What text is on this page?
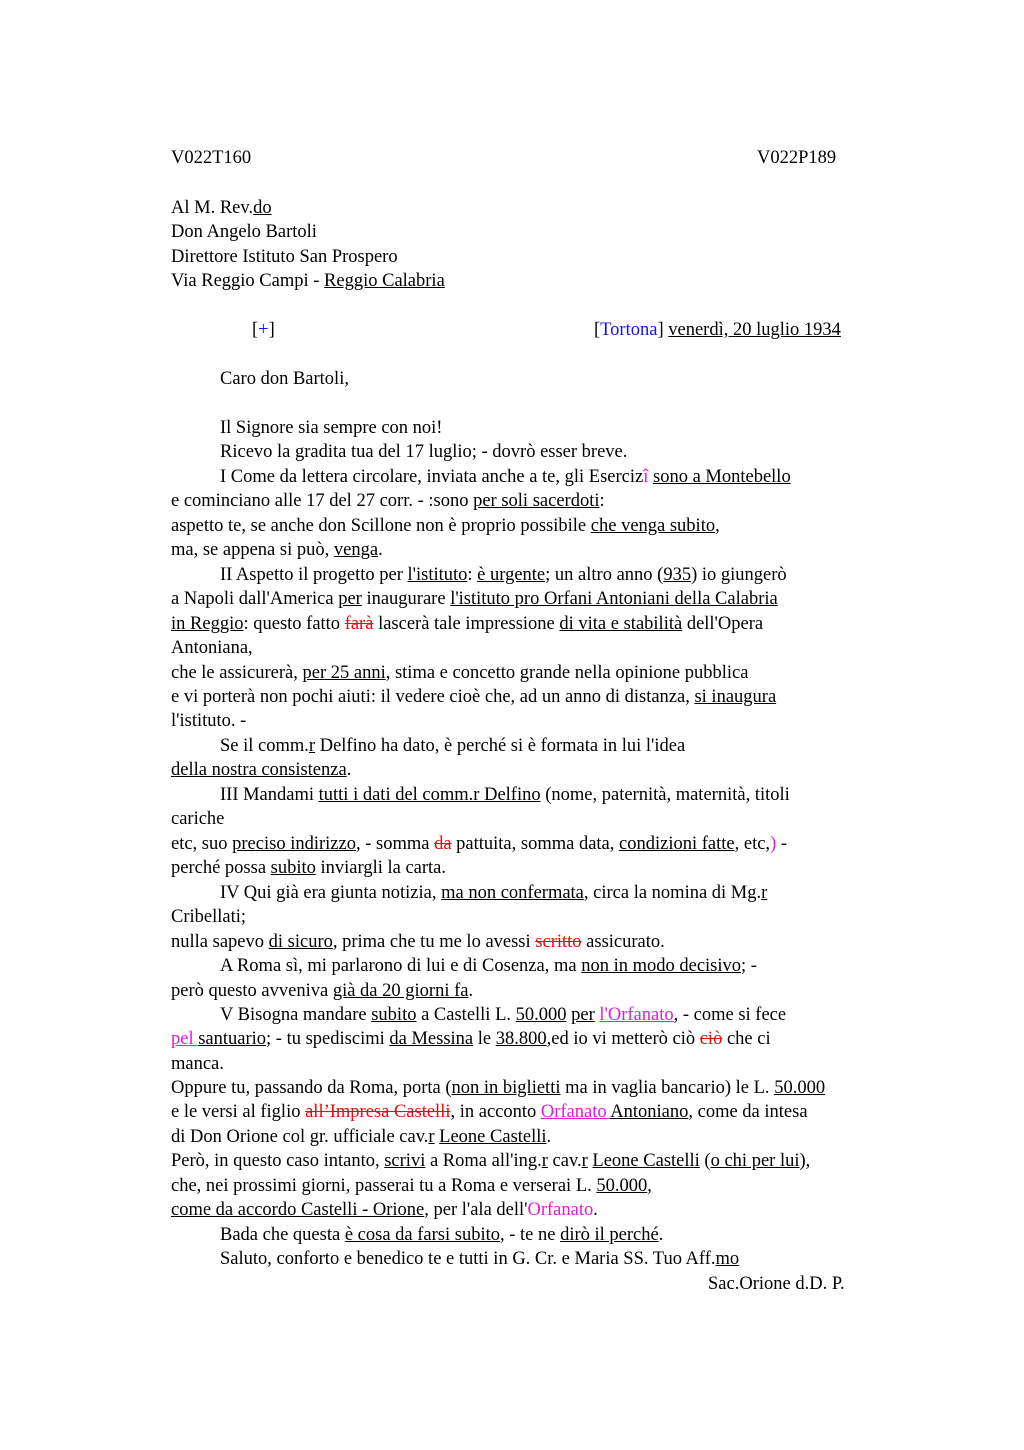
V022T160	V022P189
Al M. Rev.do
Don Angelo Bartoli
Direttore Istituto San Prospero
Via Reggio Campi - Reggio Calabria
[+]	[Tortona] venerdì, 20 luglio 1934
Caro don Bartoli,
Il Signore sia sempre con noi!
Ricevo la gradita tua del 17 luglio; - dovrò esser breve.
I Come da lettera circolare, inviata anche a te, gli Esercizî sono a Montebello
e cominciano alle 17 del 27 corr. - :sono per soli sacerdoti:
aspetto te, se anche don Scillone non è proprio possibile che venga subito,
ma, se appena si può, venga.
II Aspetto il progetto per l'istituto: è urgente; un altro anno (935) io giungerò
a Napoli dall'America per inaugurare l'istituto pro Orfani Antoniani della Calabria
in Reggio: questo fatto farà lascerà tale impressione di vita e stabilità dell'Opera
Antoniana,
che le assicurerà, per 25 anni, stima e concetto grande nella opinione pubblica
e vi porterà non pochi aiuti: il vedere cioè che, ad un anno di distanza, si inaugura
l'istituto. -
Se il comm.r Delfino ha dato, è perché si è formata in lui l'idea
della nostra consistenza.
III Mandami tutti i dati del comm.r Delfino (nome, paternità, maternità, titoli
cariche
etc, suo preciso indirizzo, - somma da pattuita, somma data, condizioni fatte, etc,) -
perché possa subito inviargli la carta.
IV Qui già era giunta notizia, ma non confermata, circa la nomina di Mg.r
Cribellati;
nulla sapevo di sicuro, prima che tu me lo avessi scritto assicurato.
A Roma sì, mi parlarono di lui e di Cosenza, ma non in modo decisivo; -
però questo avveniva già da 20 giorni fa.
V Bisogna mandare subito a Castelli L. 50.000 per l'Orfanato, - come si fece
pel santuario; - tu spediscimi da Messina le 38.800,ed io vi metterò ciò ciò che ci
manca.
Oppure tu, passando da Roma, porta (non in biglietti ma in vaglia bancario) le L. 50.000
e le versi al figlio all’Impresa Castelli, in acconto Orfanato Antoniano, come da intesa
di Don Orione col gr. ufficiale cav.r Leone Castelli.
Però, in questo caso intanto, scrivi a Roma all'ing.r cav.r Leone Castelli (o chi per lui),
che, nei prossimi giorni, passerai tu a Roma e verserai L. 50.000,
come da accordo Castelli - Orione, per l'ala dell'Orfanato.
Bada che questa è cosa da farsi subito, - te ne dirò il perché.
Saluto, conforto e benedico te e tutti in G. Cr. e Maria SS. Tuo Aff.mo
Sac.Orione d.D. P.
